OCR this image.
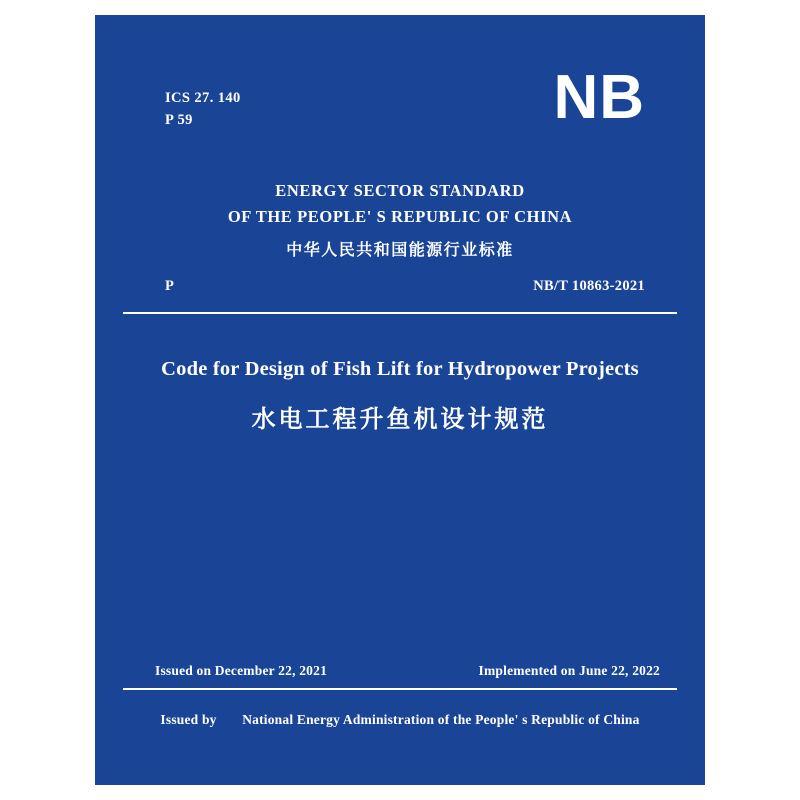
ICS 27. 140
P 59	NB
ENERGY SECTOR STANDARD
OF THE PEOPLE' S REPUBLIC OF CHINA
中华人民共和国能源行业标准
P	NB/T 10863-2021
Code for Design of Fish Lift for Hydropower Projects
水电工程升鱼机设计规范
Issued on December 22, 2021	Implemented on June 22, 2022
Issued by National Energy Administration of the People' s Republic of China
